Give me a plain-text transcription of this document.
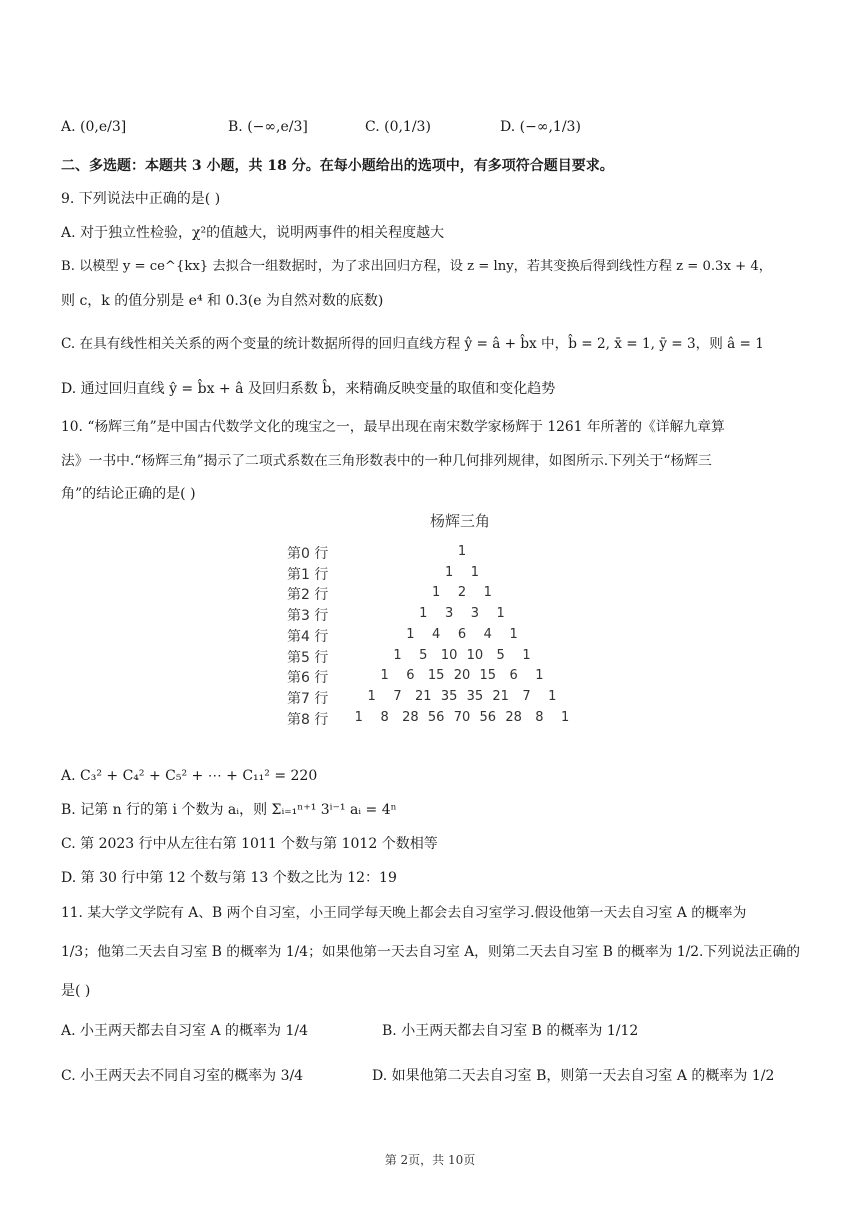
A. (0,e/3]	B. (−∞,e/3]	C. (0,1/3)	D. (−∞,1/3)
二、多选题：本题共 3 小题，共 18 分。在每小题给出的选项中，有多项符合题目要求。
9. 下列说法中正确的是( )
A. 对于独立性检验，χ²的值越大，说明两事件的相关程度越大
B. 以模型 y = ce^{kx} 去拟合一组数据时，为了求出回归方程，设 z = lny，若其变换后得到线性方程 z = 0.3x + 4，
则 c，k 的值分别是 e⁴ 和 0.3(e 为自然对数的底数)
C. 在具有线性相关关系的两个变量的统计数据所得的回归直线方程 ŷ = â + b̂x 中，b̂ = 2, x̄ = 1, ȳ = 3，则 â = 1
D. 通过回归直线 ŷ = b̂x + â 及回归系数 b̂，来精确反映变量的取值和变化趋势
10. “杨辉三角”是中国古代数学文化的瑰宝之一，最早出现在南宋数学家杨辉于 1261 年所著的《详解九章算
法》一书中.“杨辉三角”揭示了二项式系数在三角形数表中的一种几何排列规律，如图所示.下列关于“杨辉三
角”的结论正确的是( )
杨辉三角
第0 行	1
第1 行	1 1
第2 行	1 2 1
第3 行	1 3 3 1
第4 行	1 4 6 4 1
第5 行	1 5 10 10 5 1
第6 行	1 6 15 20 15 6 1
第7 行	1 7 21 35 35 21 7 1
第8 行 1 8 28 56 70 56 28 8 1
A. C₃² + C₄² + C₅² + ⋯ + C₁₁² = 220
B. 记第 n 行的第 i 个数为 aᵢ，则 Σᵢ₌₁ⁿ⁺¹ 3ⁱ⁻¹ aᵢ = 4ⁿ
C. 第 2023 行中从左往右第 1011 个数与第 1012 个数相等
D. 第 30 行中第 12 个数与第 13 个数之比为 12：19
11. 某大学文学院有 A、B 两个自习室，小王同学每天晚上都会去自习室学习.假设他第一天去自习室 A 的概率为
1/3；他第二天去自习室 B 的概率为 1/4；如果他第一天去自习室 A，则第二天去自习室 B 的概率为 1/2.下列说法正确的
是( )
A. 小王两天都去自习室 A 的概率为 1/4	B. 小王两天都去自习室 B 的概率为 1/12
C. 小王两天去不同自习室的概率为 3/4	D. 如果他第二天去自习室 B，则第一天去自习室 A 的概率为 1/2
第 2页，共 10页
